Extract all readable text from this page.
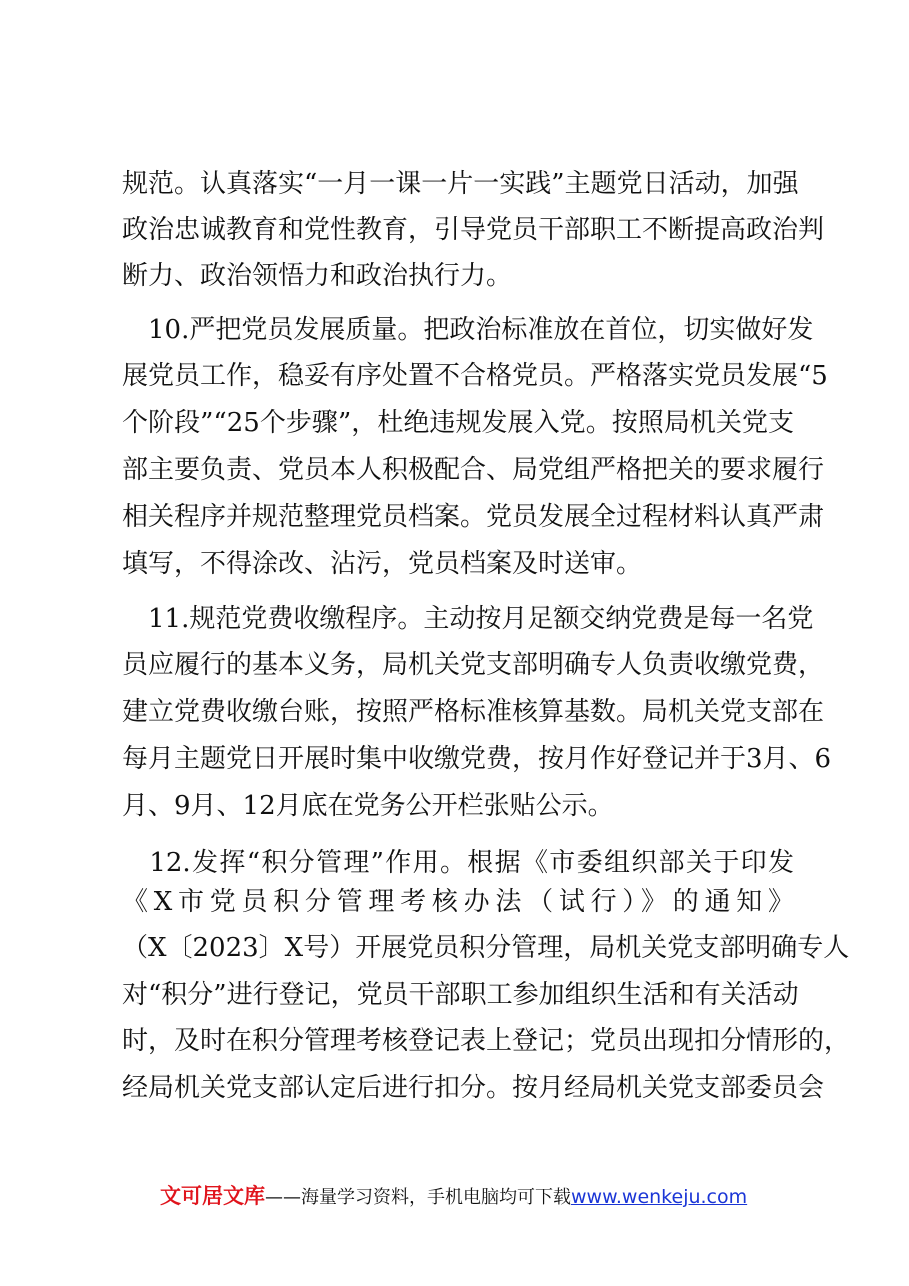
规范。认真落实“一月一课一片一实践”主题党日活动，加强
政治忠诚教育和党性教育，引导党员干部职工不断提高政治判
断力、政治领悟力和政治执行力。
　10.严把党员发展质量。把政治标准放在首位，切实做好发
展党员工作，稳妥有序处置不合格党员。严格落实党员发展“5
个阶段”“25个步骤”，杜绝违规发展入党。按照局机关党支
部主要负责、党员本人积极配合、局党组严格把关的要求履行
相关程序并规范整理党员档案。党员发展全过程材料认真严肃
填写，不得涂改、沾污，党员档案及时送审。
　11.规范党费收缴程序。主动按月足额交纳党费是每一名党
员应履行的基本义务，局机关党支部明确专人负责收缴党费，
建立党费收缴台账，按照严格标准核算基数。局机关党支部在
每月主题党日开展时集中收缴党费，按月作好登记并于3月、6
月、9月、12月底在党务公开栏张贴公示。
　12.发挥“积分管理”作用。根据《市委组织部关于印发
《X市党员积分管理考核办法（试行）》的通知》
（X〔2023〕X号）开展党员积分管理，局机关党支部明确专人
对“积分”进行登记，党员干部职工参加组织生活和有关活动
时，及时在积分管理考核登记表上登记；党员出现扣分情形的，
经局机关党支部认定后进行扣分。按月经局机关党支部委员会
文可居文库——海量学习资料，手机电脑均可下载www.wenkeju.com
